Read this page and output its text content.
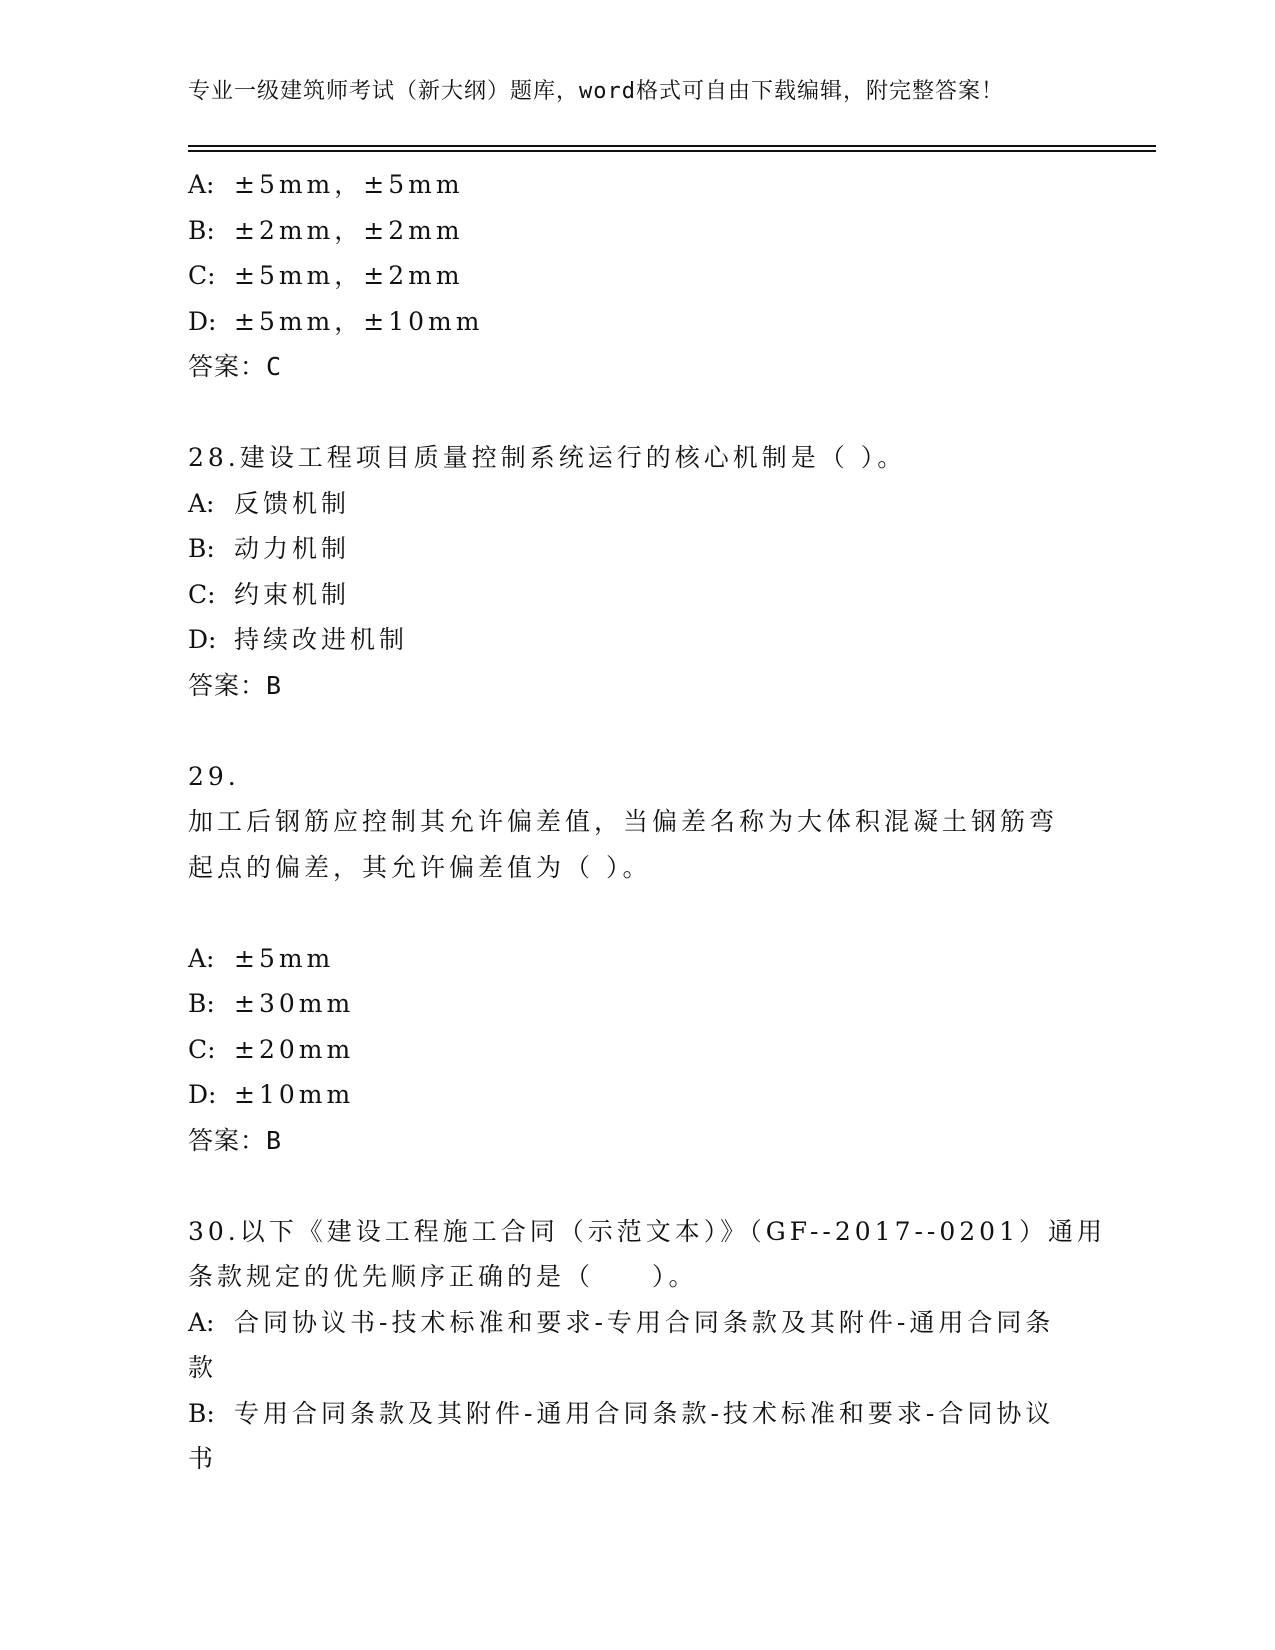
专业一级建筑师考试（新大纲）题库，word格式可自由下载编辑，附完整答案！
A: ±5mm，±5mm
B: ±2mm，±2mm
C: ±5mm，±2mm
D: ±5mm，±10mm
答案：C
28.建设工程项目质量控制系统运行的核心机制是（ ）。
A: 反馈机制
B: 动力机制
C: 约束机制
D: 持续改进机制
答案：B
29.
加工后钢筋应控制其允许偏差值，当偏差名称为大体积混凝土钢筋弯
起点的偏差，其允许偏差值为（ ）。
A: ±5mm
B: ±30mm
C: ±20mm
D: ±10mm
答案：B
30.以下《建设工程施工合同（示范文本）》（GF--2017--0201）通用
条款规定的优先顺序正确的是（　　）。
A: 合同协议书-技术标准和要求-专用合同条款及其附件-通用合同条
款
B: 专用合同条款及其附件-通用合同条款-技术标准和要求-合同协议
书
